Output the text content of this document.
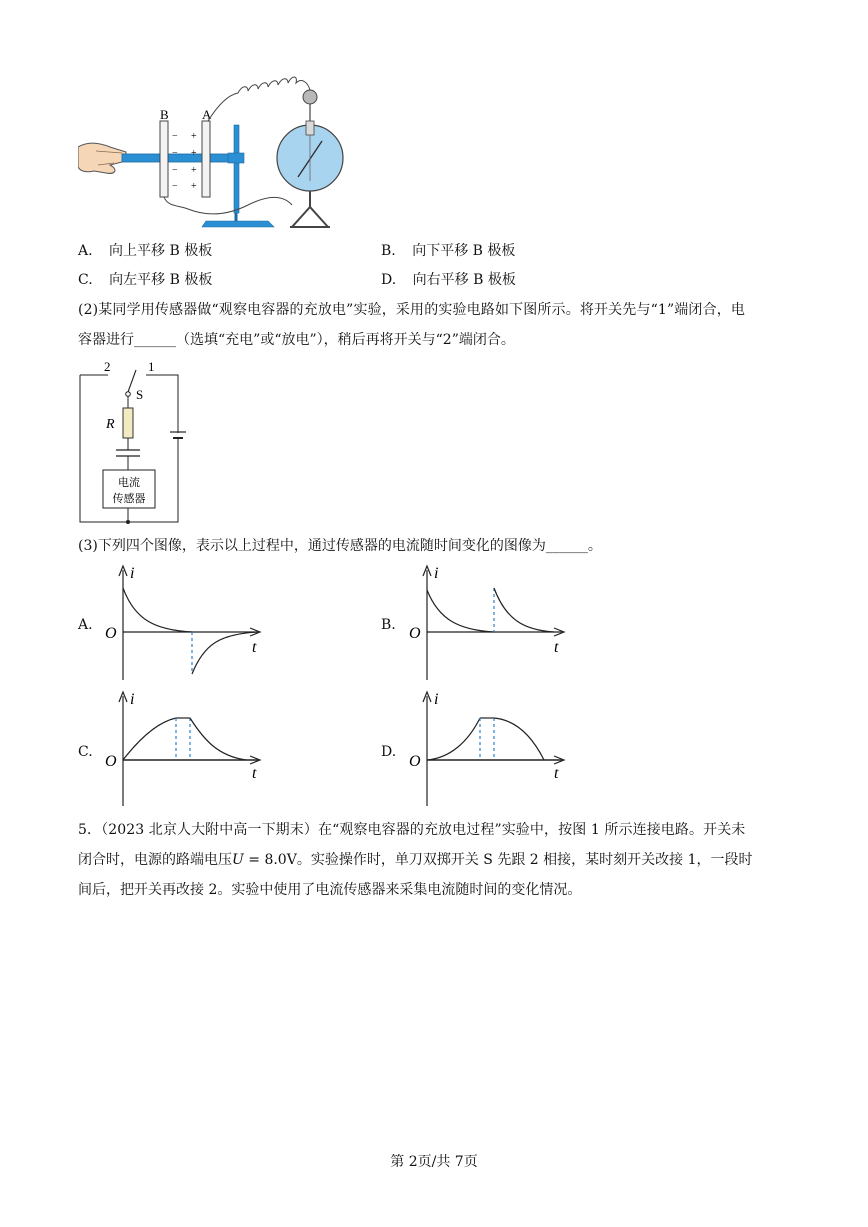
B	A
−
−
−
−
+
+
+
+
A. 向上平移 B 极板	B. 向下平移 B 极板
C. 向左平移 B 极板	D. 向右平移 B 极板
(2)某同学用传感器做“观察电容器的充放电”实验，采用的实验电路如下图所示。将开关先与“1”端闭合，电
容器进行______（选填“充电”或“放电”），稍后再将开关与“2”端闭合。
2	1
S
R
电流
传感器
(3)下列四个图像，表示以上过程中，通过传感器的电流随时间变化的图像为______。
A.
i
t
O	B.
i
t
O
C.
i
t
O
D.
i
t
O
5．（2023 北京人大附中高一下期末）在“观察电容器的充放电过程”实验中，按图 1 所示连接电路。开关未
闭合时，电源的路端电压U = 8.0V。实验操作时，单刀双掷开关 S 先跟 2 相接，某时刻开关改接 1，一段时
间后，把开关再改接 2。实验中使用了电流传感器来采集电流随时间的变化情况。
第 2页/共 7页
